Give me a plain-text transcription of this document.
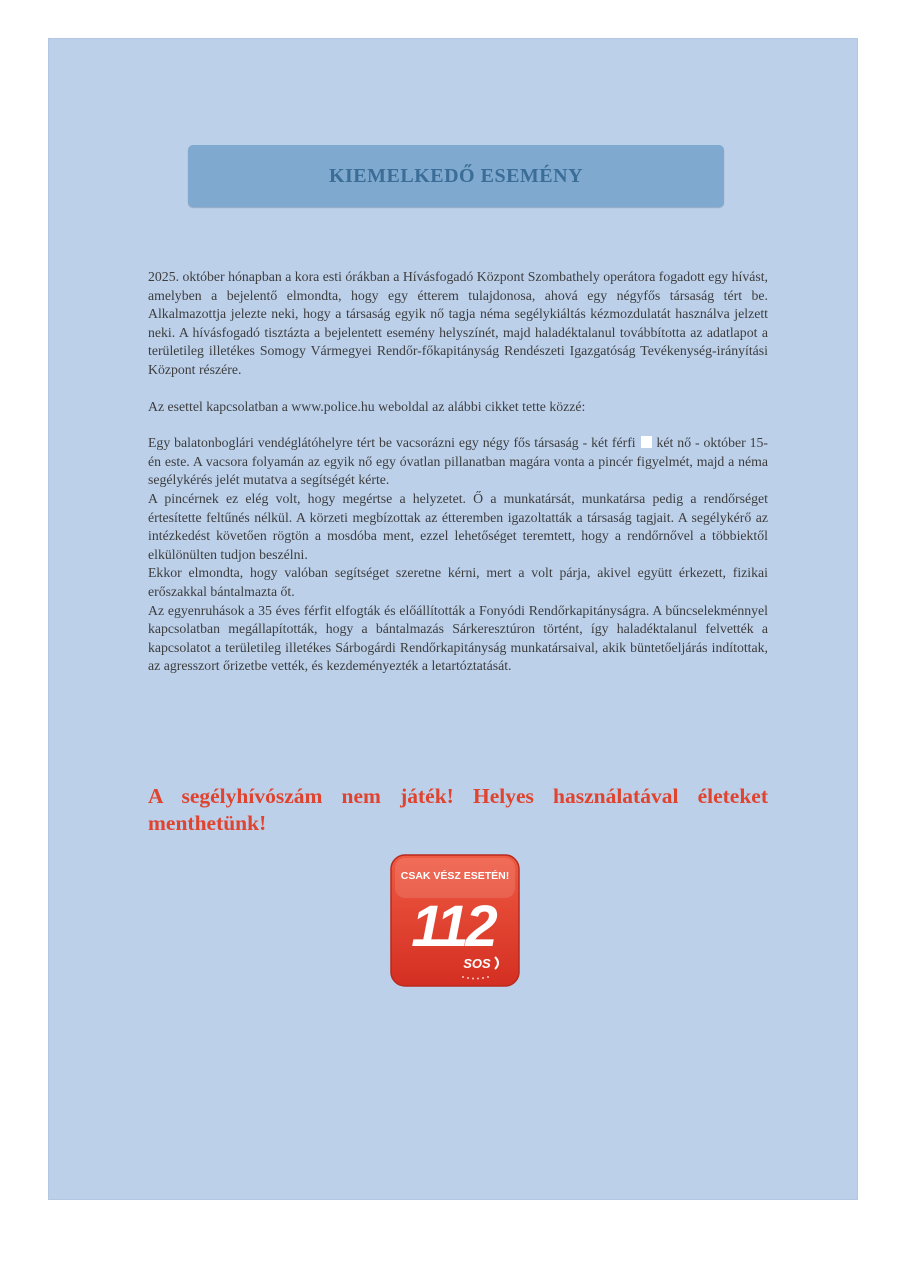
KIEMELKEDŐ ESEMÉNY

2025. október hónapban a kora esti órákban a Hívásfogadó Központ Szombathely operátora fogadott egy hívást, amelyben a bejelentő elmondta, hogy egy étterem tulajdonosa, ahová egy négyfős társaság tért be. Alkalmazottja jelezte neki, hogy a társaság egyik nő tagja néma segélykiáltás kézmozdulatát használva jelzett neki. A hívásfogadó tisztázta a bejelentett esemény helyszínét, majd haladéktalanul továbbította az adatlapot a területileg illetékes Somogy Vármegyei Rendőr-főkapitányság Rendészeti Igazgatóság Tevékenység-irányítási Központ részére.

Az esettel kapcsolatban a www.police.hu weboldal az alábbi cikket tette közzé:

Egy balatonboglári vendéglátóhelyre tért be vacsorázni egy négy fős társaság - két férfi két nő - október 15-én este. A vacsora folyamán az egyik nő egy óvatlan pillanatban magára vonta a pincér figyelmét, majd a néma segélykérés jelét mutatva a segítségét kérte.

A pincérnek ez elég volt, hogy megértse a helyzetet. Ő a munkatársát, munkatársa pedig a rendőrséget értesítette feltűnés nélkül. A körzeti megbízottak az étteremben igazoltatták a társaság tagjait. A segélykérő az intézkedést követően rögtön a mosdóba ment, ezzel lehetőséget teremtett, hogy a rendőrnővel a többiektől elkülönülten tudjon beszélni.

Ekkor elmondta, hogy valóban segítséget szeretne kérni, mert a volt párja, akivel együtt érkezett, fizikai erőszakkal bántalmazta őt.

Az egyenruhások a 35 éves férfit elfogták és előállították a Fonyódi Rendőrkapitányságra. A bűncselekménnyel kapcsolatban megállapították, hogy a bántalmazás Sárkeresztúron történt, így haladéktalanul felvették a kapcsolatot a területileg illetékes Sárbogárdi Rendőrkapitányság munkatársaival, akik büntetőeljárás indítottak, az agresszort őrizetbe vették, és kezdeményezték a letartóztatását.

A segélyhívószám nem játék! Helyes használatával életeket menthetünk!
CSAK VÉSZ ESETÉN!
112
SOS
